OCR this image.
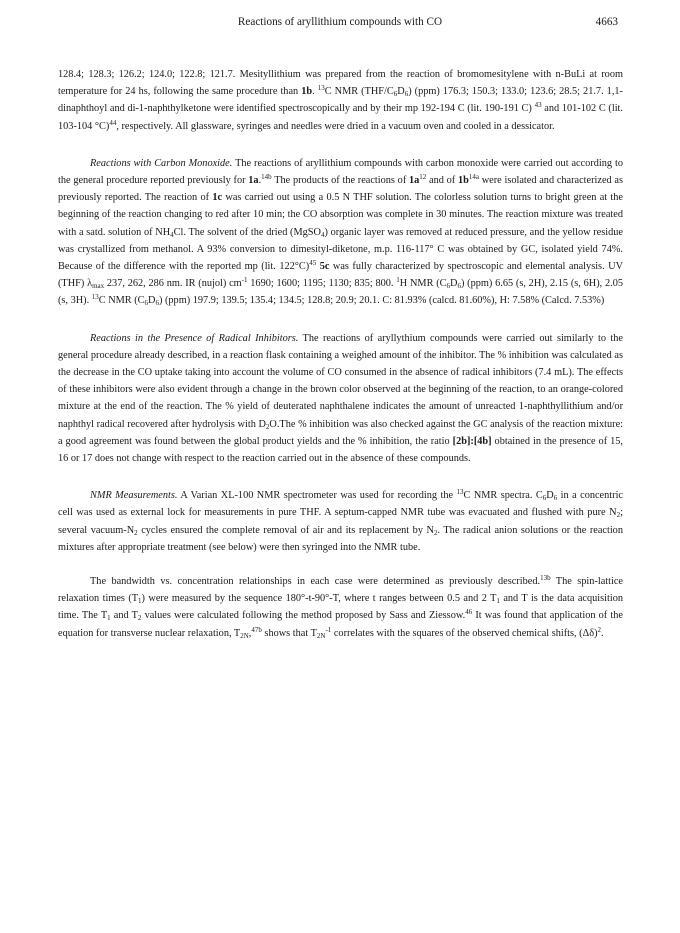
Reactions of aryllithium compounds with CO	4663

128.4; 128.3; 126.2; 124.0; 122.8; 121.7. Mesityllithium was prepared from the reaction of bromomesitylene with n-BuLi at room temperature for 24 hs, following the same procedure than 1b. $^{13}$C NMR $(THF/C_6D_6)$ (ppm) 176.3; 150.3; 133.0; 123.6; 28.5; 21.7. 1,1-dinaphthoyl and di-1-naphthylketone were identified spectroscopically and by their mp 192-194 C (lit. 190-191 C) $^{43}$ and 101-102 C (lit. 103-104 °C)$^{44}$, respectively. All glassware, syringes and needles were dried in a vacuum oven and cooled in a dessicator.

Reactions with Carbon Monoxide. The reactions of aryllithium compounds with carbon monoxide were carried out according to the general procedure reported previously for 1a.$^{14b}$ The products of the reactions of $1a^{12}$ and of $1b^{14a}$ were isolated and characterized as previously reported. The reaction of 1c was carried out using a 0.5 N THF solution. The colorless solution turns to bright green at the beginning of the reaction changing to red after 10 min; the CO absorption was complete in 30 minutes. The reaction mixture was treated with a satd. solution of $NH_4Cl$. The solvent of the dried (MgSO$_4$) organic layer was removed at reduced pressure, and the yellow residue was crystallized from methanol. A 93% conversion to dimesityl-diketone, m.p. 116-117° C was obtained by GC, isolated yield 74%. Because of the difference with the reported mp (lit. 122°C)$^{45}$ 5c was fully characterized by spectroscopic and elemental analysis. UV (THF) $\lambda_{max}$ 237, 262, 286 nm. IR (nujol) $cm^{-1}$ 1690; 1600; 1195; 1130; 835; 800. $^1$H NMR $(C_6D_6)$ (ppm) 6.65 (s, 2H), 2.15 (s, 6H), 2.05 (s, 3H). $^{13}$C NMR $(C_6D_6)$ (ppm) 197.9; 139.5; 135.4; 134.5; 128.8; 20.9; 20.1. C: 81.93% (calcd. 81.60%), H: 7.58% (Calcd. 7.53%)

Reactions in the Presence of Radical Inhibitors. The reactions of aryllythium compounds were carried out similarly to the general procedure already described, in a reaction flask containing a weighed amount of the inhibitor. The % inhibition was calculated as the decrease in the CO uptake taking into account the volume of CO consumed in the absence of radical inhibitors (7.4 mL). The effects of these inhibitors were also evident through a change in the brown color observed at the beginning of the reaction, to an orange-colored mixture at the end of the reaction. The % yield of deuterated naphthalene indicates the amount of unreacted 1-naphthyllithium and/or naphthyl radical recovered after hydrolysis with $D_2O.The$ % inhibition was also checked against the GC analysis of the reaction mixture: a good agreement was found between the global product yields and the % inhibition, the ratio [2b]:[4b] obtained in the presence of 15, 16 or 17 does not change with respect to the reaction carried out in the absence of these compounds.

NMR Measurements. A Varian XL-100 NMR spectrometer was used for recording the $^{13}$C NMR spectra. $C_6D_6$ in a concentric cell was used as external lock for measurements in pure THF. A septum-capped NMR tube was evacuated and flushed with pure $N_2$; several vacuum-$N_2$ cycles ensured the complete removal of air and its replacement by $N_2$. The radical anion solutions or the reaction mixtures after appropriate treatment (see below) were then syringed into the NMR tube.

The bandwidth vs. concentration relationships in each case were determined as previously described.$^{13b}$ The spin-lattice relaxation times $(T_1)$ were measured by the sequence 180°-t-90°-T, where t ranges between 0.5 and 2 $T_1$ and T is the data acquisition time. The $T_1$ and $T_2$ values were calculated following the method proposed by Sass and Ziessow.$^{46}$ It was found that application of the equation for transverse nuclear relaxation, $T_{2N},^{47b}$ shows that $T_{2N}^{-1}$ correlates with the squares of the observed chemical shifts, $(\Delta\delta)^2$.
